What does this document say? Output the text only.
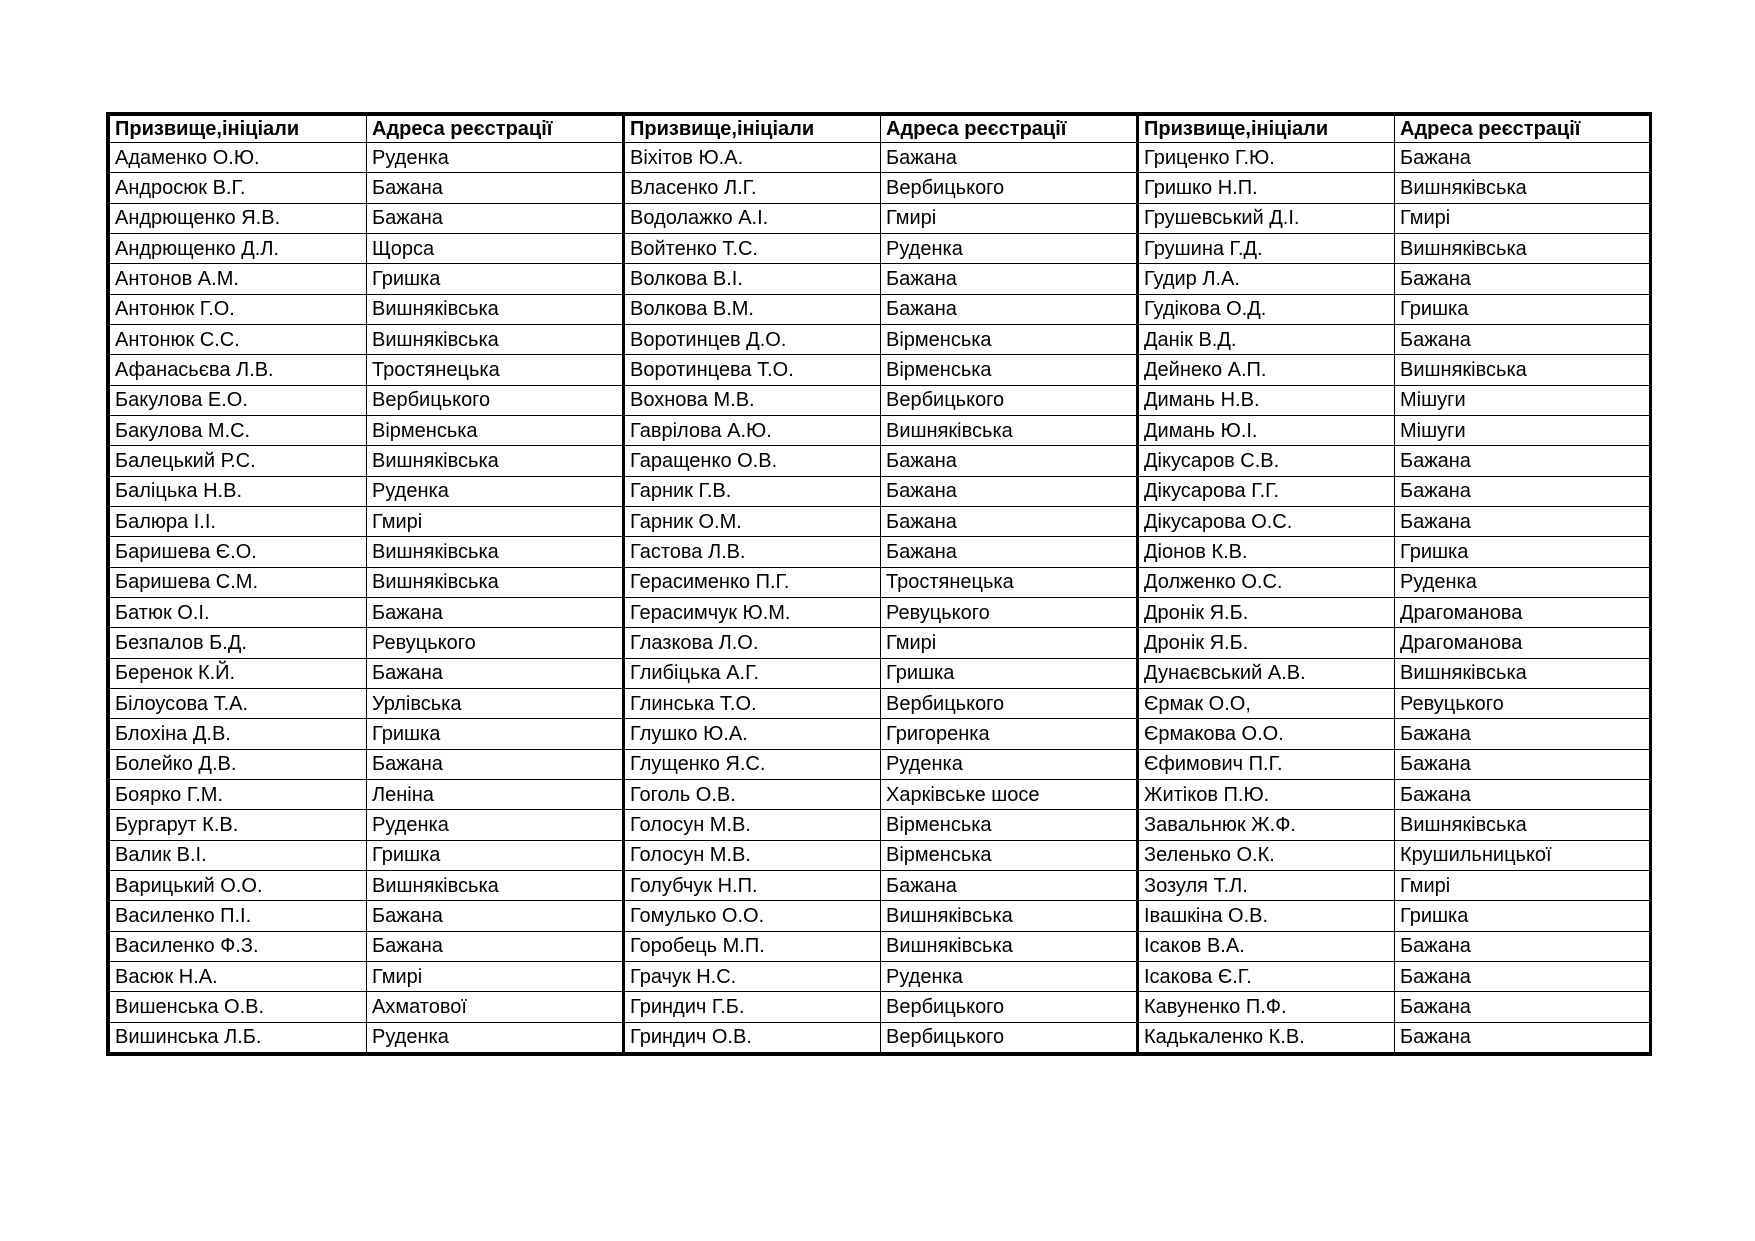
Призвище,ініціали	Адреса реєстрації	Призвище,ініціали	Адреса реєстрації	Призвище,ініціали	Адреса реєстрації
Адаменко О.Ю.	Руденка	Віхітов Ю.А.	Бажана	Гриценко Г.Ю.	Бажана
Андросюк В.Г.	Бажана	Власенко Л.Г.	Вербицького	Гришко Н.П.	Вишняківська
Андрющенко Я.В.	Бажана	Водолажко А.І.	Гмирі	Грушевський Д.І.	Гмирі
Андрющенко Д.Л.	Щорса	Войтенко Т.С.	Руденка	Грушина Г.Д.	Вишняківська
Антонов А.М.	Гришка	Волкова В.І.	Бажана	Гудир Л.А.	Бажана
Антонюк Г.О.	Вишняківська	Волкова В.М.	Бажана	Гудікова О.Д.	Гришка
Антонюк С.С.	Вишняківська	Воротинцев Д.О.	Вірменська	Данік В.Д.	Бажана
Афанасьєва Л.В.	Тростянецька	Воротинцева Т.О.	Вірменська	Дейнеко А.П.	Вишняківська
Бакулова Е.О.	Вербицького	Вохнова М.В.	Вербицького	Димань Н.В.	Мішуги
Бакулова М.С.	Вірменська	Гаврілова А.Ю.	Вишняківська	Димань Ю.І.	Мішуги
Балецький Р.С.	Вишняківська	Гаращенко О.В.	Бажана	Дікусаров С.В.	Бажана
Баліцька Н.В.	Руденка	Гарник Г.В.	Бажана	Дікусарова Г.Г.	Бажана
Балюра І.І.	Гмирі	Гарник О.М.	Бажана	Дікусарова О.С.	Бажана
Баришева Є.О.	Вишняківська	Гастова Л.В.	Бажана	Діонов К.В.	Гришка
Баришева С.М.	Вишняківська	Герасименко П.Г.	Тростянецька	Долженко О.С.	Руденка
Батюк О.І.	Бажана	Герасимчук Ю.М.	Ревуцького	Дронік Я.Б.	Драгоманова
Безпалов Б.Д.	Ревуцького	Глазкова Л.О.	Гмирі	Дронік Я.Б.	Драгоманова
Беренок К.Й.	Бажана	Глибіцька А.Г.	Гришка	Дунаєвський А.В.	Вишняківська
Білоусова Т.А.	Урлівська	Глинська Т.О.	Вербицького	Єрмак О.О,	Ревуцького
Блохіна Д.В.	Гришка	Глушко Ю.А.	Григоренка	Єрмакова О.О.	Бажана
Болейко Д.В.	Бажана	Глущенко Я.С.	Руденка	Єфимович П.Г.	Бажана
Боярко Г.М.	Леніна	Гоголь О.В.	Харківське шосе	Житіков П.Ю.	Бажана
Бургарут К.В.	Руденка	Голосун М.В.	Вірменська	Завальнюк Ж.Ф.	Вишняківська
Валик В.І.	Гришка	Голосун М.В.	Вірменська	Зеленько О.К.	Крушильницької
Варицький О.О.	Вишняківська	Голубчук Н.П.	Бажана	Зозуля Т.Л.	Гмирі
Василенко П.І.	Бажана	Гомулько О.О.	Вишняківська	Івашкіна О.В.	Гришка
Василенко Ф.З.	Бажана	Горобець М.П.	Вишняківська	Ісаков В.А.	Бажана
Васюк Н.А.	Гмирі	Грачук Н.С.	Руденка	Ісакова Є.Г.	Бажана
Вишенська О.В.	Ахматової	Гриндич Г.Б.	Вербицького	Кавуненко П.Ф.	Бажана
Вишинська Л.Б.	Руденка	Гриндич О.В.	Вербицького	Кадькаленко К.В.	Бажана
